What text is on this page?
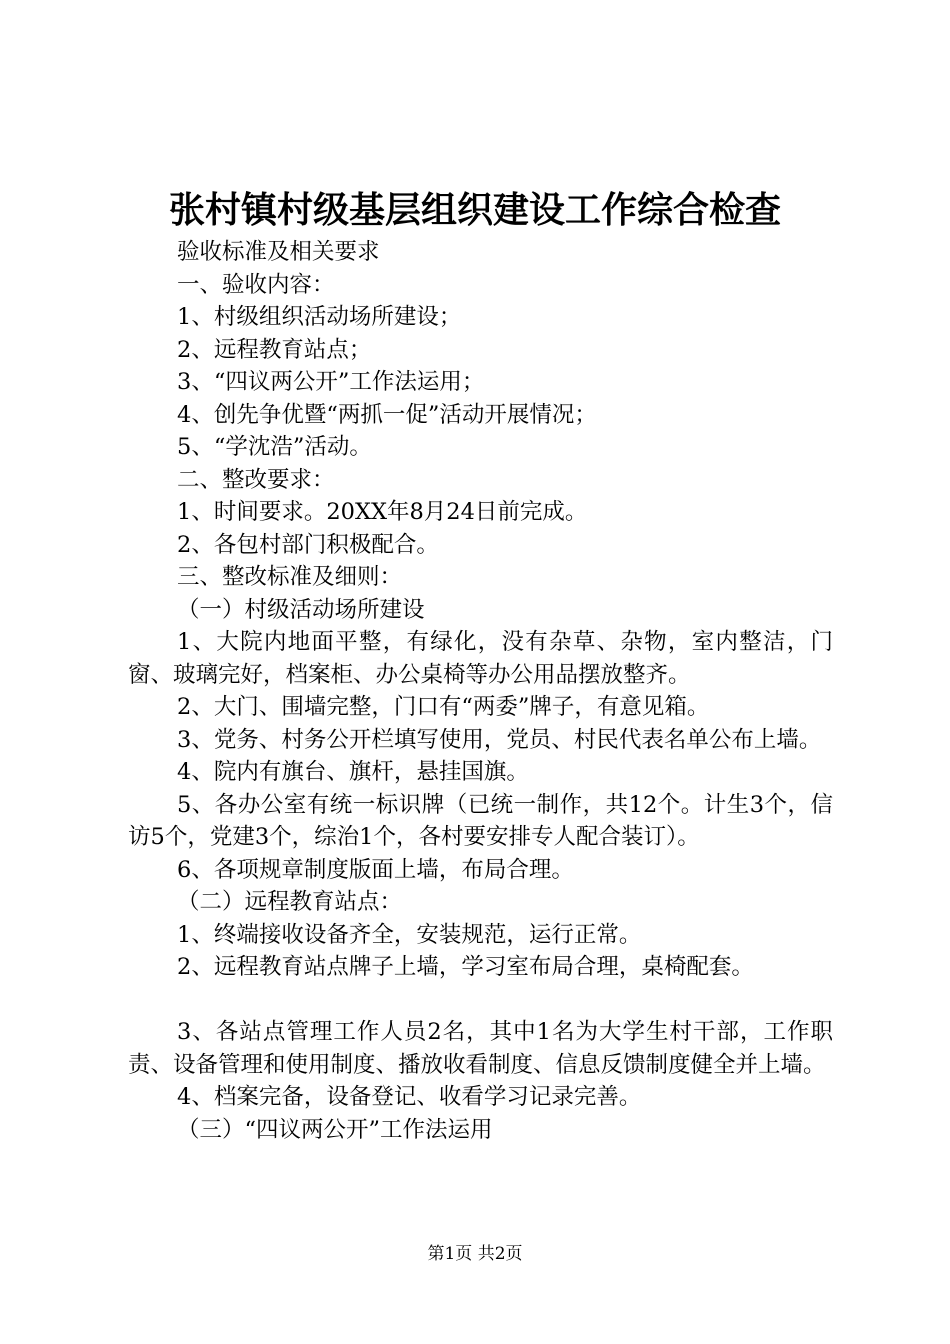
张村镇村级基层组织建设工作综合检查

验收标准及相关要求

一、验收内容：

1、村级组织活动场所建设；

2、远程教育站点；

3、“四议两公开”工作法运用；

4、创先争优暨“两抓一促”活动开展情况；

5、“学沈浩”活动。

二、整改要求：

1、时间要求。20XX年8月24日前完成。

2、各包村部门积极配合。

三、整改标准及细则：

（一）村级活动场所建设

1、大院内地面平整，有绿化，没有杂草、杂物，室内整洁，门窗、玻璃完好，档案柜、办公桌椅等办公用品摆放整齐。

2、大门、围墙完整，门口有“两委”牌子，有意见箱。

3、党务、村务公开栏填写使用，党员、村民代表名单公布上墙。

4、院内有旗台、旗杆，悬挂国旗。

5、各办公室有统一标识牌（已统一制作，共12个。计生3个，信访5个，党建3个，综治1个，各村要安排专人配合装订）。

6、各项规章制度版面上墙，布局合理。

（二）远程教育站点：

1、终端接收设备齐全，安装规范，运行正常。

2、远程教育站点牌子上墙，学习室布局合理，桌椅配套。

3、各站点管理工作人员2名，其中1名为大学生村干部，工作职责、设备管理和使用制度、播放收看制度、信息反馈制度健全并上墙。

4、档案完备，设备登记、收看学习记录完善。

（三）“四议两公开”工作法运用

第1页 共2页
